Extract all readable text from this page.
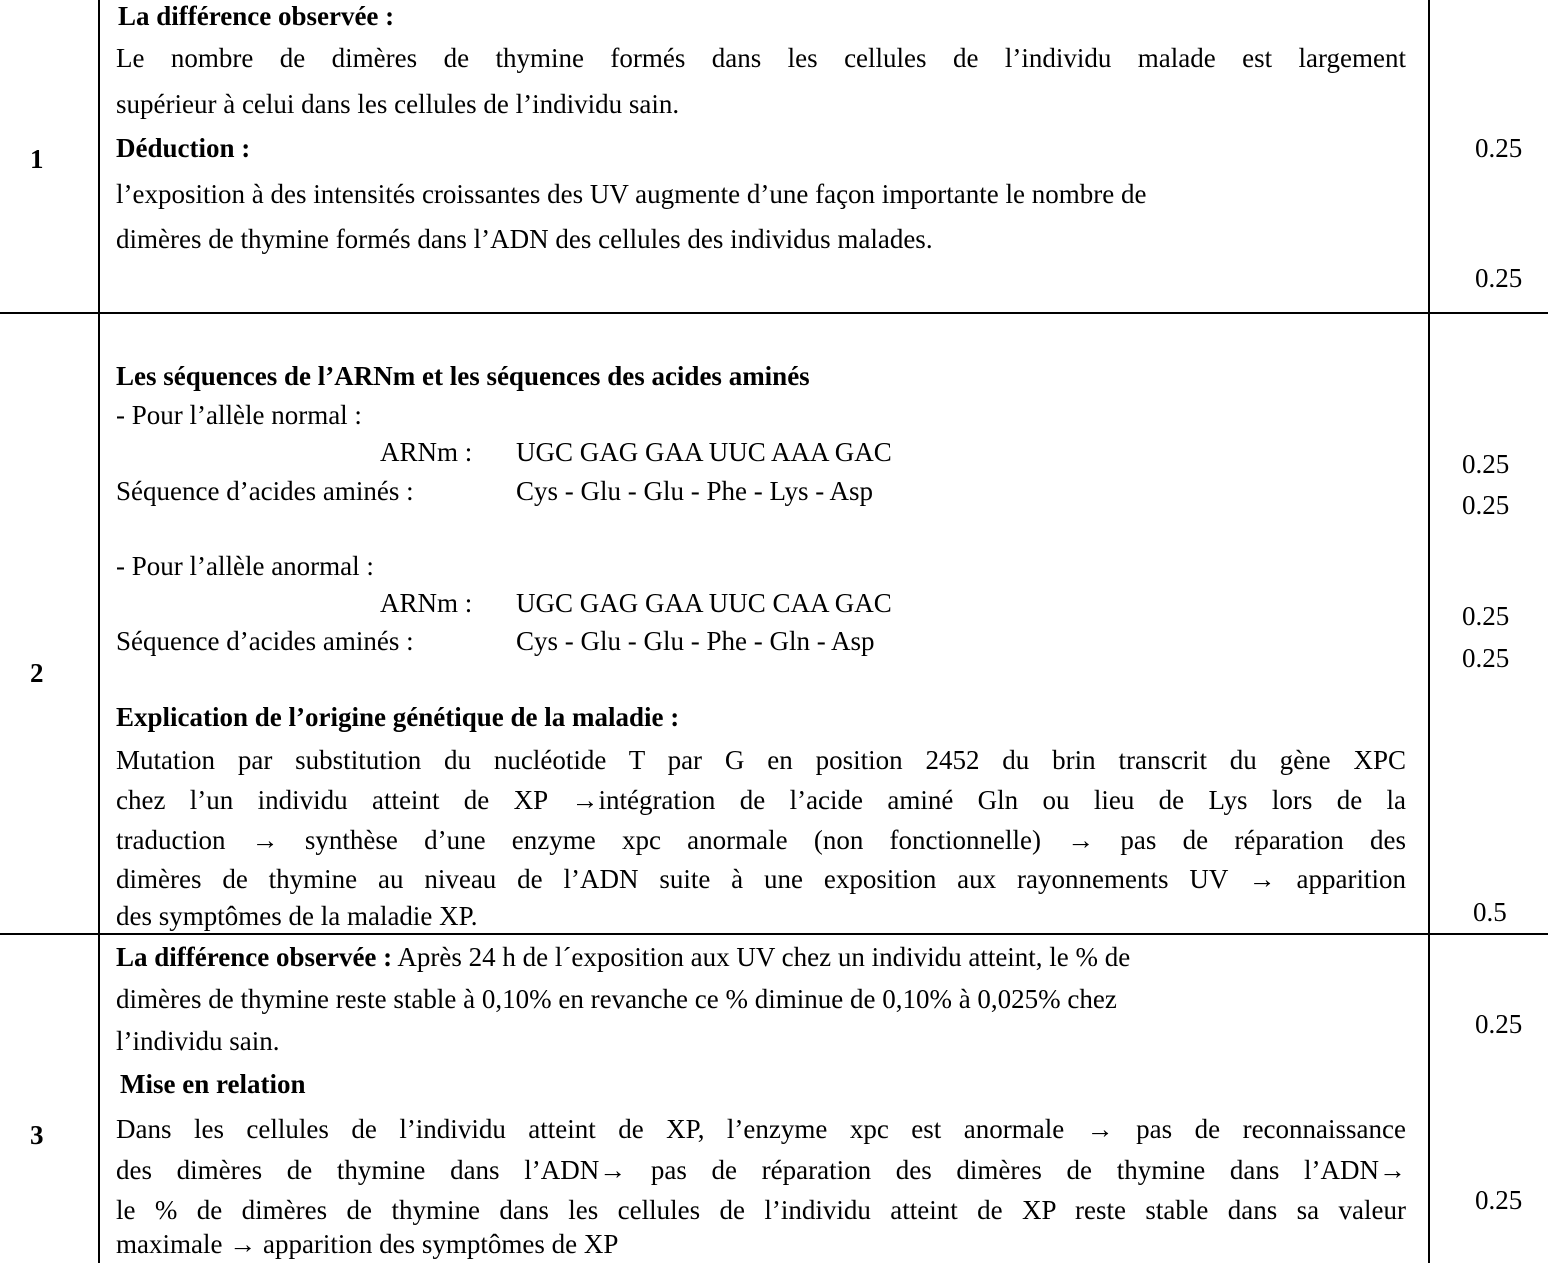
1
La différence observée :
Le nombre de dimères de thymine formés dans les cellules de l’individu malade est largement
supérieur à celui dans les cellules de l’individu sain.
Déduction :
l’exposition à des intensités croissantes des UV augmente d’une façon importante le nombre de
dimères de thymine formés dans l’ADN des cellules des individus malades.
0.25
0.25
2
Les séquences de l’ARNm et les séquences des acides aminés
- Pour l’allèle normal :
ARNm : UGC GAG GAA UUC AAA GAC
Séquence d’acides aminés :	Cys - Glu - Glu - Phe - Lys - Asp
- Pour l’allèle anormal :
ARNm : UGC GAG GAA UUC CAA GAC
Séquence d’acides aminés :	Cys - Glu - Glu - Phe - Gln - Asp
Explication de l’origine génétique de la maladie :
Mutation par substitution du nucléotide T par G en position 2452 du brin transcrit du gène XPC
chez l’un individu atteint de XP →intégration de l’acide aminé Gln ou lieu de Lys lors de la
traduction → synthèse d’une enzyme xpc anormale (non fonctionnelle) → pas de réparation des
dimères de thymine au niveau de l’ADN suite à une exposition aux rayonnements UV → apparition
des symptômes de la maladie XP.
0.25
0.25
0.25
0.25
0.5
3
La différence observée : Après 24 h de l´exposition aux UV chez un individu atteint, le % de
dimères de thymine reste stable à 0,10% en revanche ce % diminue de 0,10% à 0,025% chez
l’individu sain.
Mise en relation
Dans les cellules de l’individu atteint de XP, l’enzyme xpc est anormale → pas de reconnaissance
des dimères de thymine dans l’ADN→ pas de réparation des dimères de thymine dans l’ADN→
le % de dimères de thymine dans les cellules de l’individu atteint de XP reste stable dans sa valeur
maximale → apparition des symptômes de XP
0.25
0.25
